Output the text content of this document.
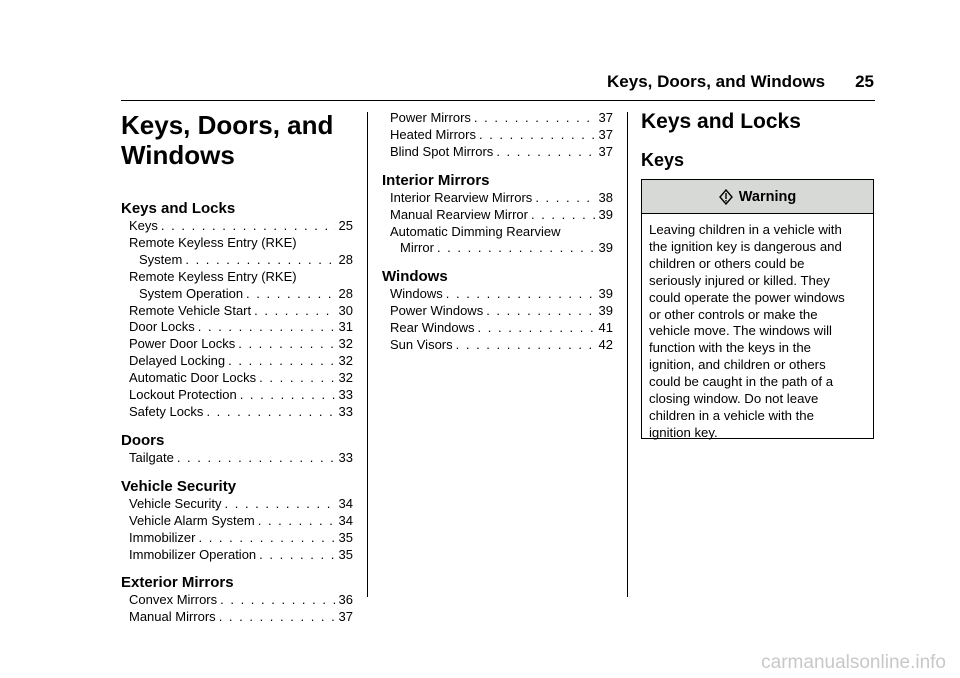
Keys, Doors, and Windows 25
Keys, Doors, and
Windows
Keys and Locks
Keys . . .	25
Remote Keyless Entry (RKE)
System . . .	28
Remote Keyless Entry (RKE)
System Operation . . .	28
Remote Vehicle Start . . .	30
Door Locks . . .	31
Power Door Locks . . .	32
Delayed Locking . . .	32
Automatic Door Locks . . .	32
Lockout Protection . . .	33
Safety Locks . . .	33
Doors
Tailgate . . .	33
Vehicle Security
Vehicle Security . . .	34
Vehicle Alarm System . . .	34
Immobilizer . . .	35
Immobilizer Operation . . .	35
Exterior Mirrors
Convex Mirrors . . .	36
Manual Mirrors . . .	37
Power Mirrors . . .	37
Heated Mirrors . . .	37
Blind Spot Mirrors . . .	37
Interior Mirrors
Interior Rearview Mirrors . . .	38
Manual Rearview Mirror . . .	39
Automatic Dimming Rearview
Mirror . . .	39
Windows
Windows . . .	39
Power Windows . . .	39
Rear Windows . . .	41
Sun Visors . . .	42
Keys and Locks
Keys
Warning
Leaving children in a vehicle with
the ignition key is dangerous and
children or others could be
seriously injured or killed. They
could operate the power windows
or other controls or make the
vehicle move. The windows will
function with the keys in the
ignition, and children or others
could be caught in the path of a
closing window. Do not leave
children in a vehicle with the
ignition key.
carmanualsonline.info
